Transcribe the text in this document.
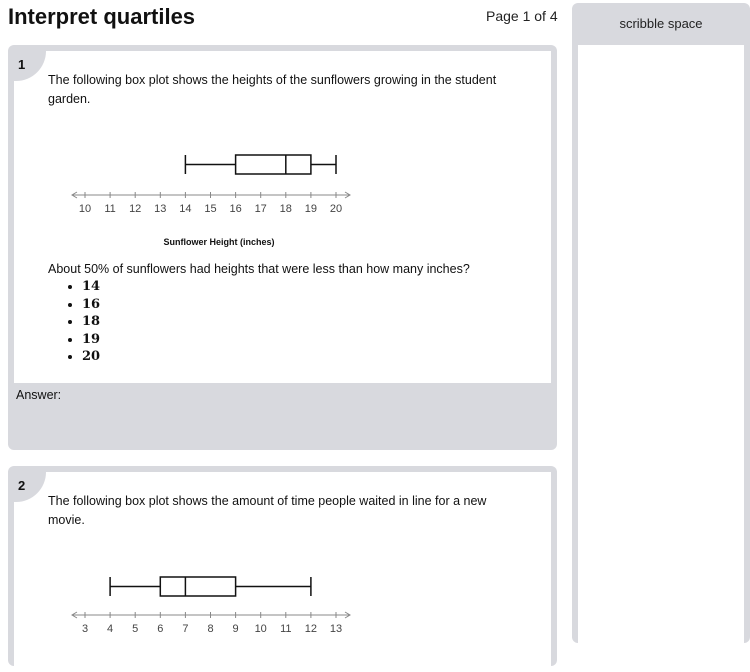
Interpret quartiles	Page 1 of 4	scribble space
1
The following box plot shows the heights of the sunflowers growing in the student garden.
10 11 12 13 14 15 16 17 18 19 20
Sunflower Height (inches)
About 50% of sunflowers had heights that were less than how many inches?
• 14
• 16
• 18
• 19
• 20
Answer:
2
The following box plot shows the amount of time people waited in line for a new movie.
3 4 5 6 7 8 9 10 11 12 13
